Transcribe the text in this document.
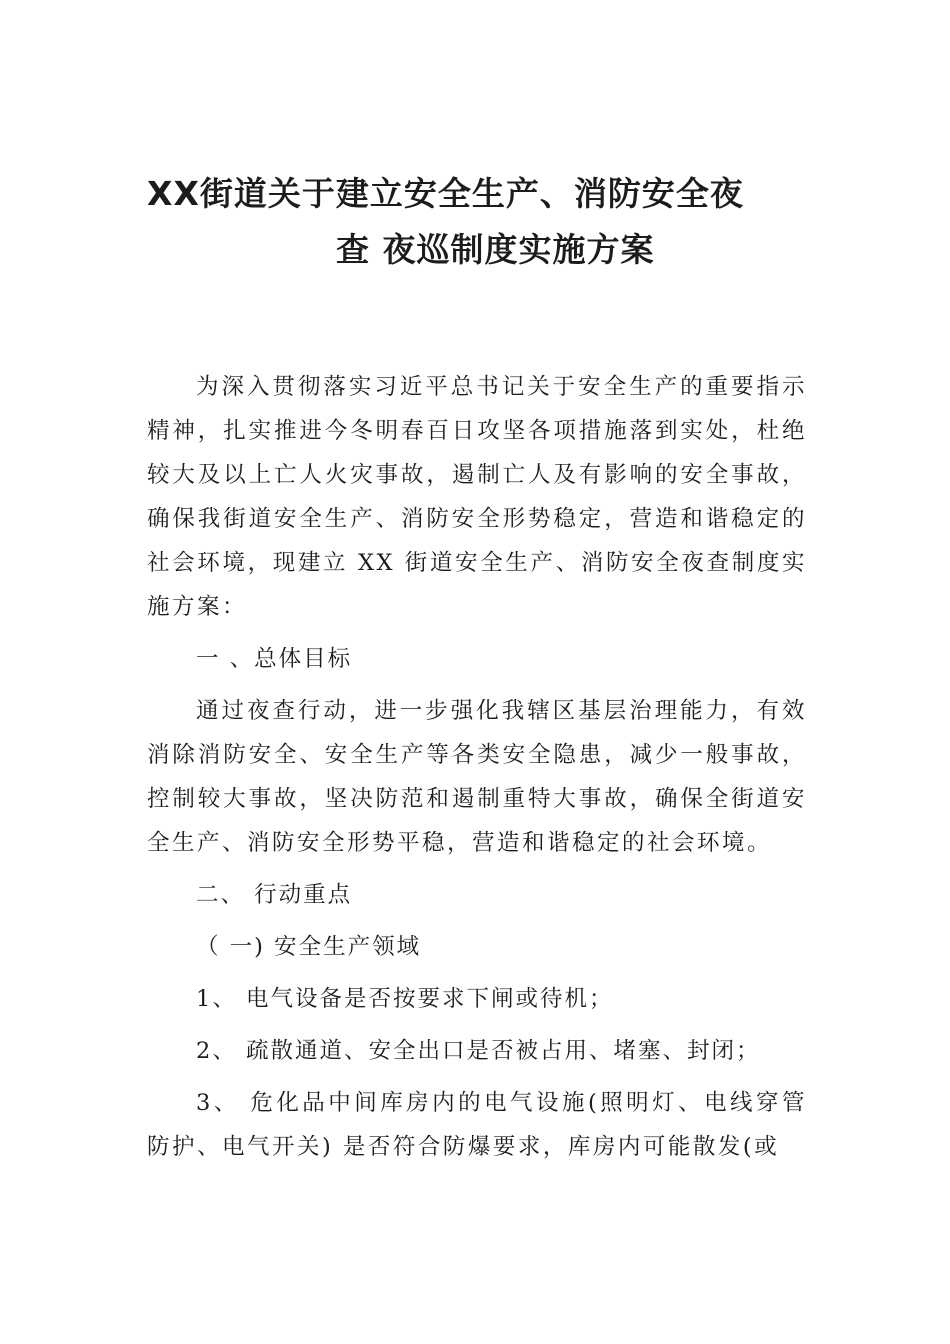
XX街道关于建立安全生产、消防安全夜
查 夜巡制度实施方案

为深入贯彻落实习近平总书记关于安全生产的重要指示精神，扎实推进今冬明春百日攻坚各项措施落到实处，杜绝较大及以上亡人火灾事故，遏制亡人及有影响的安全事故，确保我街道安全生产、消防安全形势稳定，营造和谐稳定的社会环境，现建立 XX 街道安全生产、消防安全夜查制度实施方案：

一 、总体目标

通过夜查行动，进一步强化我辖区基层治理能力，有效消除消防安全、安全生产等各类安全隐患，减少一般事故，控制较大事故，坚决防范和遏制重特大事故，确保全街道安全生产、消防安全形势平稳，营造和谐稳定的社会环境。

二、 行动重点

（ 一) 安全生产领域

1、 电气设备是否按要求下闸或待机；

2、 疏散通道、安全出口是否被占用、堵塞、封闭；

3、 危化品中间库房内的电气设施(照明灯、电线穿管防护、电气开关) 是否符合防爆要求，库房内可能散发(或
